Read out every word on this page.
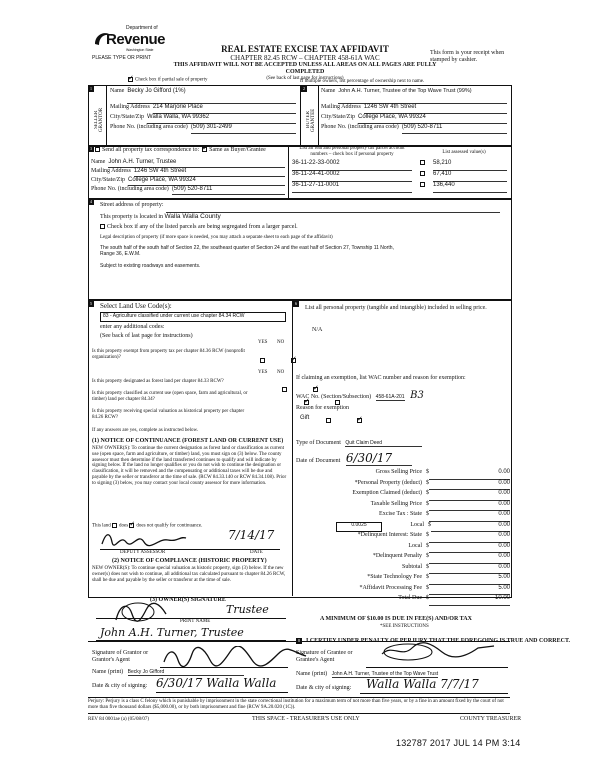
Department of
Revenue
Washington State
PLEASE TYPE OR PRINT
REAL ESTATE EXCISE TAX AFFIDAVIT
CHAPTER 82.45 RCW – CHAPTER 458-61A WAC
THIS AFFIDAVIT WILL NOT BE ACCEPTED UNLESS ALL AREAS ON ALL PAGES ARE FULLY COMPLETED
(See back of last page for instructions)
This form is your receipt when stamped by cashier.
✓Check box if partial sale of property	If multiple owners, list percentage of ownership next to name.
1
SELLER GRANTOR
Name Becky Jo Gifford (1%)
Mailing Address 214 Marjorie Place
City/State/Zip Walla Walla, WA 99362
Phone No. (including area code) (509) 301-2499
2
BUYER GRANTEE
Name John A.H. Turner, Trustee of the Top Wave Trust (99%)
Mailing Address 1246 SW 4th Street
City/State/Zip College Place, WA 99324
Phone No. (including area code) (509) 520-8711
3	Send all property tax correspondence to: ✓ Same as Buyer/Grantee
Name John A.H. Turner, Trustee
Mailing Address 1246 SW 4th Street
City/State/Zip College Place, WA 99324
Phone No. (including area code) (509) 520-8711
List all real and personal property tax parcel account numbers – check box if personal property	List assessed value(s)
36-11-22-33-0002	58,210
36-11-24-41-0002	67,410
36-11-27-11-0001	136,440
4
Street address of property:
This property is located in Walla Walla County
Check box if any of the listed parcels are being segregated from a larger parcel.
Legal description of property (if more space is needed, you may attach a separate sheet to each page of the affidavit)
The south half of the south half of Section 22, the southeast quarter of Section 24 and the east half of Section 27, Township 11 North,
Range 36, E.W.M.
Subject to existing roadways and easements.
5 Select Land Use Code(s):
83 - Agriculture classified under current use chapter 84.34 RCW
enter any additional codes:
(See back of last page for instructions)
YES NO
Is this property exempt from property tax per chapter 84.36 RCW (nonprofit organization)?
✓
YES NO
Is this property designated as forest land per chapter 84.33 RCW?
✓
Is this property classified as current use (open space, farm and agricultural, or timber) land per chapter 84.34?
✓
Is this property receiving special valuation as historical property per chapter 84.26 RCW?
✓
If any answers are yes, complete as instructed below.
(1) NOTICE OF CONTINUANCE (FOREST LAND OR CURRENT USE)
NEW OWNER(S): To continue the current designation as forest land or classification as current use (open space, farm and agriculture, or timber) land, you must sign on (3) below. The county assessor must then determine if the land transferred continues to qualify and will indicate by signing below. If the land no longer qualifies or you do not wish to continue the designation or classification, it will be removed and the compensating or additional taxes will be due and payable by the seller or transferor at the time of sale. (RCW 84.33.140 or RCW 84.34.108). Prior to signing (3) below, you may contact your local county assessor for more information.
This land does ✓ does not qualify for continuance.
7/14/17
DEPUTY ASSESSOR	DATE
(2) NOTICE OF COMPLIANCE (HISTORIC PROPERTY)
NEW OWNER(S): To continue special valuation as historic property, sign (3) below. If the new owner(s) does not wish to continue, all additional tax calculated pursuant to chapter 84.26 RCW, shall be due and payable by the seller or transferor at the time of sale.
(3) OWNER(S) SIGNATURE
Trustee
PRINT NAME
John A.H. Turner, Trustee
6
List all personal property (tangible and intangible) included in selling price.
N/A
If claiming an exemption, list WAC number and reason for exemption:
WAC No. (Section/Subsection) 458-61A-201 B3
Reason for exemption
Gift
Type of Document Quit Claim Deed
Date of Document 6/30/17
Gross Selling Price $	0.00
*Personal Property (deduct) $	0.00
Exemption Claimed (deduct) $	0.00
Taxable Selling Price $	0.00
Excise Tax : State $	0.00
0.0025	Local $	0.00
*Delinquent Interest: State $	0.00
Local $	0.00
*Delinquent Penalty $	0.00
Subtotal $	0.00
*State Technology Fee $	5.00
*Affidavit Processing Fee $	5.00
Total Due $	10.00
A MINIMUM OF $10.00 IS DUE IN FEE(S) AND/OR TAX
*SEE INSTRUCTIONS
8	I CERTIFY UNDER PENALTY OF PERJURY THAT THE FOREGOING IS TRUE AND CORRECT.
Signature of Grantor or Grantor's Agent
Name (print) Becky Jo Gifford
Date & city of signing: 6/30/17 Walla Walla
Signature of Grantee or Grantee's Agent
Name (print) John A.H. Turner, Trustee of the Top Wave Trust
Date & city of signing: Walla Walla 7/7/17
Perjury: Perjury is a class C felony which is punishable by imprisonment in the state correctional institution for a maximum term of not more than five years, or by a fine in an amount fixed by the court of not more than five thousand dollars ($5,000.00), or by both imprisonment and fine (RCW 9A.20.020 (1C)).
REV 84 0001ae (a) (05/08/07)	THIS SPACE - TREASURER'S USE ONLY	COUNTY TREASURER
132787 2017 JUL 14 PM 3:14
